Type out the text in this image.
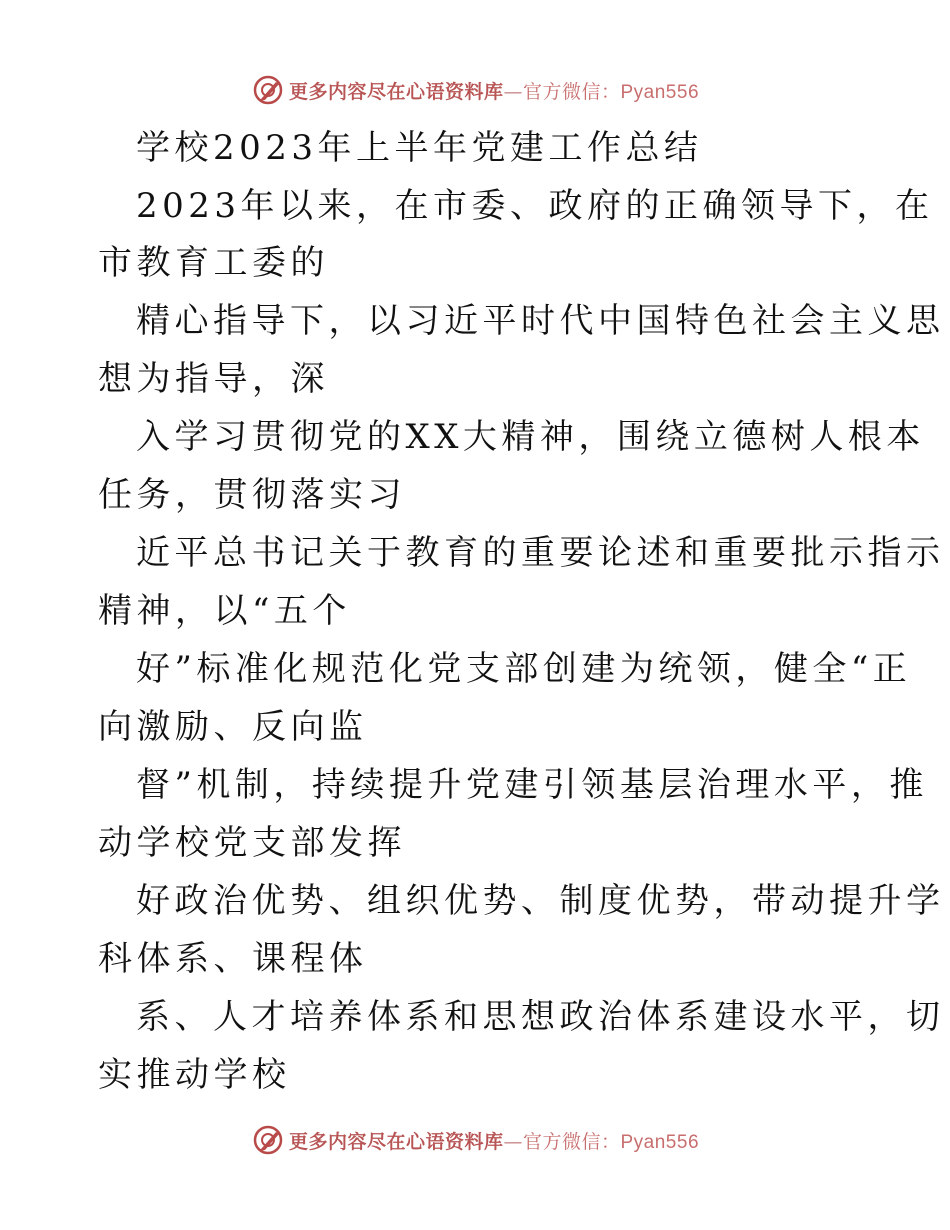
更多内容尽在心语资料库—官方微信：Pyan556
学校2023年上半年党建工作总结
2023年以来，在市委、政府的正确领导下，在
市教育工委的
精心指导下，以习近平时代中国特色社会主义思
想为指导，深
入学习贯彻党的XX大精神，围绕立德树人根本
任务，贯彻落实习
近平总书记关于教育的重要论述和重要批示指示
精神，以“五个
好”标准化规范化党支部创建为统领，健全“正
向激励、反向监
督”机制，持续提升党建引领基层治理水平，推
动学校党支部发挥
好政治优势、组织优势、制度优势，带动提升学
科体系、课程体
系、人才培养体系和思想政治体系建设水平，切
实推动学校
更多内容尽在心语资料库—官方微信：Pyan556
